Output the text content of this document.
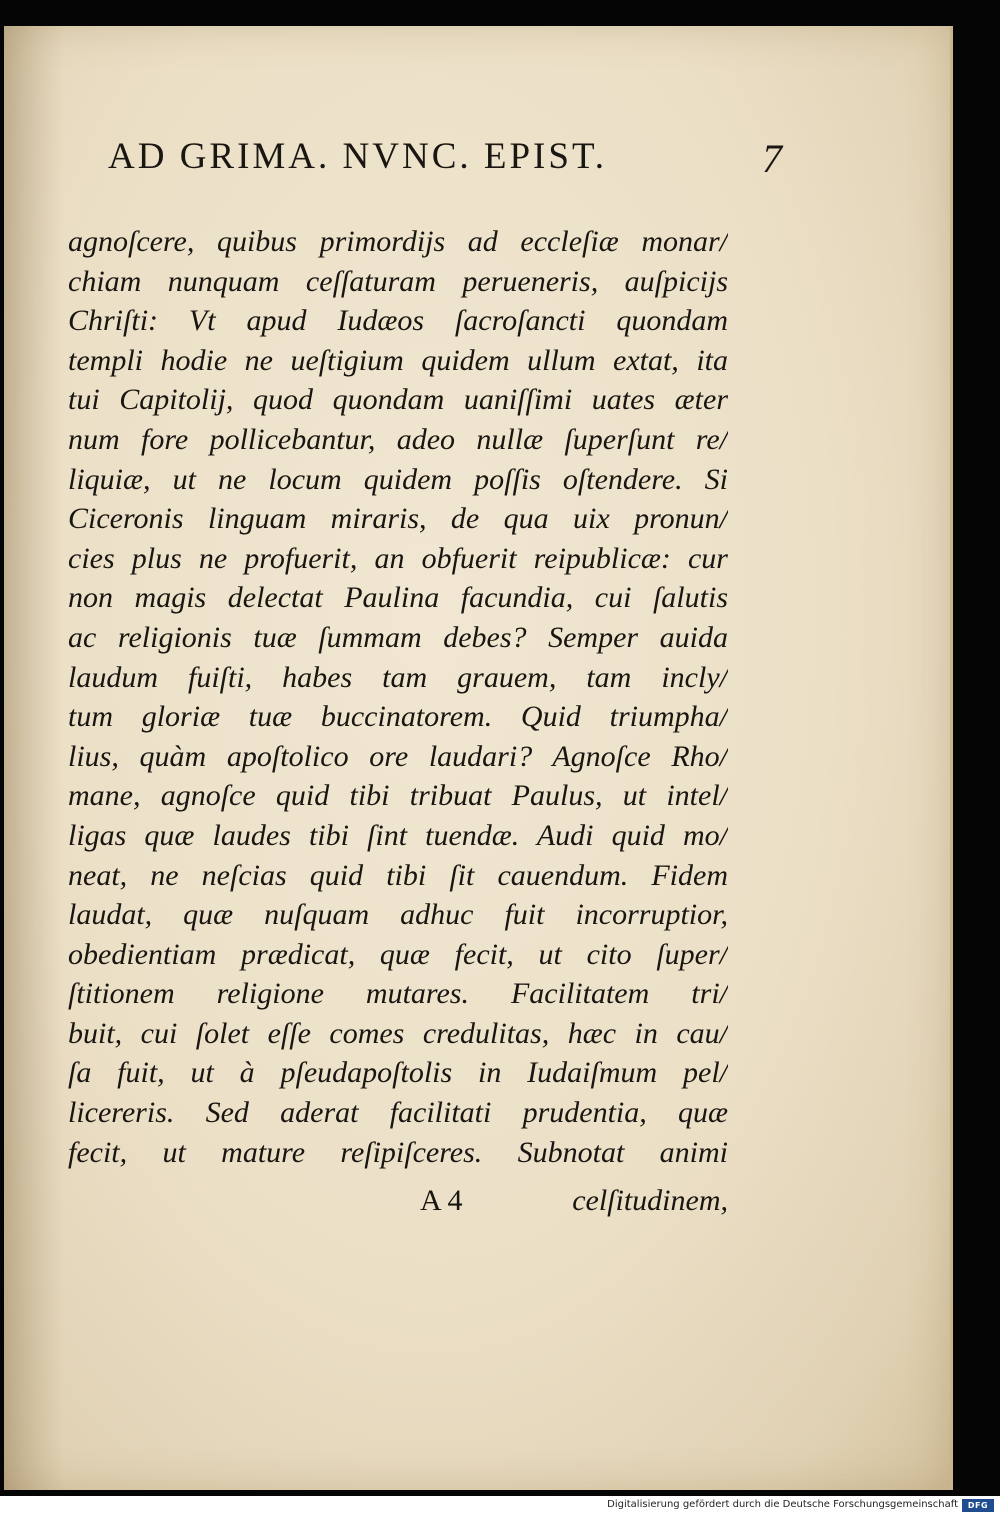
AD GRIMA. NVNC. EPIST.	7
agnoſcere, quibus primordijs ad eccleſiæ monar/
chiam nunquam ceſſaturam perueneris, auſpicijs
Chriſti: Vt apud Iudæos ſacroſancti quondam
templi hodie ne ueſtigium quidem ullum extat, ita
tui Capitolij, quod quondam uaniſſimi uates æter
num fore pollicebantur, adeo nullæ ſuperſunt re/
liquiæ, ut ne locum quidem poſſis oſtendere. Si
Ciceronis linguam miraris, de qua uix pronun/
cies plus ne profuerit, an obfuerit reipublicæ: cur
non magis delectat Paulina facundia, cui ſalutis
ac religionis tuæ ſummam debes? Semper auida
laudum fuiſti, habes tam grauem, tam incly/
tum gloriæ tuæ buccinatorem. Quid triumpha/
lius, quàm apoſtolico ore laudari? Agnoſce Rho/
mane, agnoſce quid tibi tribuat Paulus, ut intel/
ligas quæ laudes tibi ſint tuendæ. Audi quid mo/
neat, ne neſcias quid tibi ſit cauendum. Fidem
laudat, quæ nuſquam adhuc fuit incorruptior,
obedientiam prædicat, quæ fecit, ut cito ſuper/
ſtitionem religione mutares. Facilitatem tri/
buit, cui ſolet eſſe comes credulitas, hæc in cau/
ſa fuit, ut à pſeudapoſtolis in Iudaiſmum pel/
licereris. Sed aderat facilitati prudentia, quæ
fecit, ut mature reſipiſceres. Subnotat animi
A 4	celſitudinem,
Digitalisierung gefördert durch die Deutsche Forschungsgemeinschaft	DFG
